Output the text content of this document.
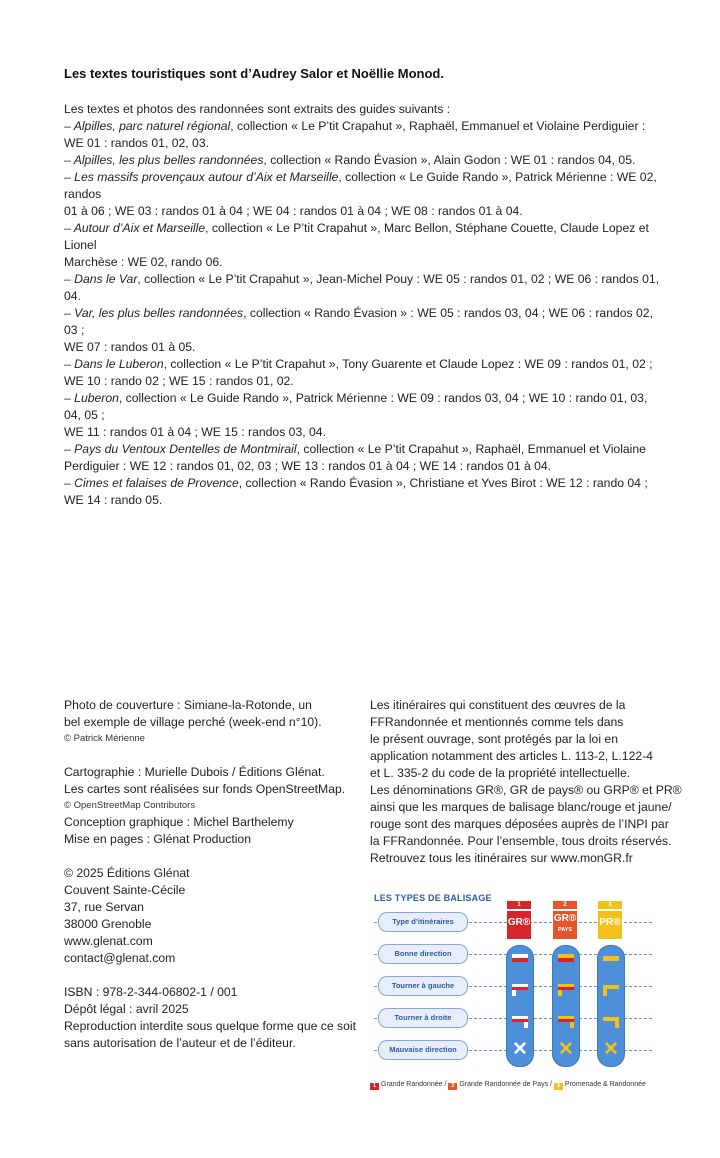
Les textes touristiques sont d’Audrey Salor et Noëllie Monod.

Les textes et photos des randonnées sont extraits des guides suivants :

– Alpilles, parc naturel régional, collection « Le P’tit Crapahut », Raphaël, Emmanuel et Violaine Perdiguier :

WE 01 : randos 01, 02, 03.

– Alpilles, les plus belles randonnées, collection « Rando Évasion », Alain Godon : WE 01 : randos 04, 05.

– Les massifs provençaux autour d’Aix et Marseille, collection « Le Guide Rando », Patrick Mérienne : WE 02, randos

01 à 06 ; WE 03 : randos 01 à 04 ; WE 04 : randos 01 à 04 ; WE 08 : randos 01 à 04.

– Autour d’Aix et Marseille, collection « Le P’tit Crapahut », Marc Bellon, Stéphane Couette, Claude Lopez et Lionel

Marchèse : WE 02, rando 06.

– Dans le Var, collection « Le P’tit Crapahut », Jean-Michel Pouy : WE 05 : randos 01, 02 ; WE 06 : randos 01, 04.

– Var, les plus belles randonnées, collection « Rando Évasion » : WE 05 : randos 03, 04 ; WE 06 : randos 02, 03 ;

WE 07 : randos 01 à 05.

– Dans le Luberon, collection « Le P’tit Crapahut », Tony Guarente et Claude Lopez : WE 09 : randos 01, 02 ;

WE 10 : rando 02 ; WE 15 : randos 01, 02.

– Luberon, collection « Le Guide Rando », Patrick Mérienne : WE 09 : randos 03, 04 ; WE 10 : rando 01, 03, 04, 05 ;

WE 11 : randos 01 à 04 ; WE 15 : randos 03, 04.

– Pays du Ventoux Dentelles de Montmirail, collection « Le P’tit Crapahut », Raphaël, Emmanuel et Violaine

Perdiguier : WE 12 : randos 01, 02, 03 ; WE 13 : randos 01 à 04 ; WE 14 : randos 01 à 04.

– Cimes et falaises de Provence, collection « Rando Évasion », Christiane et Yves Birot : WE 12 : rando 04 ;

WE 14 : rando 05.

Photo de couverture : Simiane-la-Rotonde, un
bel exemple de village perché (week-end n°10).
© Patrick Mérienne
Cartographie : Murielle Dubois / Éditions Glénat.
Les cartes sont réalisées sur fonds OpenStreetMap.
© OpenStreetMap Contributors
Conception graphique : Michel Barthelemy
Mise en pages : Glénat Production
© 2025 Éditions Glénat
Couvent Sainte-Cécile
37, rue Servan
38000 Grenoble
www.glenat.com
contact@glenat.com
ISBN : 978-2-344-06802-1 / 001
Dépôt légal : avril 2025
Reproduction interdite sous quelque forme que ce soit
sans autorisation de l’auteur et de l’éditeur.
Les itinéraires qui constituent des œuvres de la
FFRandonnée et mentionnés comme tels dans
le présent ouvrage, sont protégés par la loi en
application notamment des articles L. 113-2, L.122-4
et L. 335-2 du code de la propriété intellectuelle.
Les dénominations GR®, GR de pays® ou GRP® et PR®
ainsi que les marques de balisage blanc/rouge et jaune/
rouge sont des marques déposées auprès de l’INPI par
la FFRandonnée. Pour l’ensemble, tous droits réservés.
Retrouvez tous les itinéraires sur www.monGR.fr
LES TYPES DE BALISAGE
Type d’itinéraires
Bonne direction
Tourner à gauche
Tourner à droite
Mauvaise direction
1
GR®
2
GR®
PAYS
3
PR®
✕ ✕ ✕
1 Grande Randonnée / 2 Grande Randonnée de Pays / 3 Promenade & Randonnée
